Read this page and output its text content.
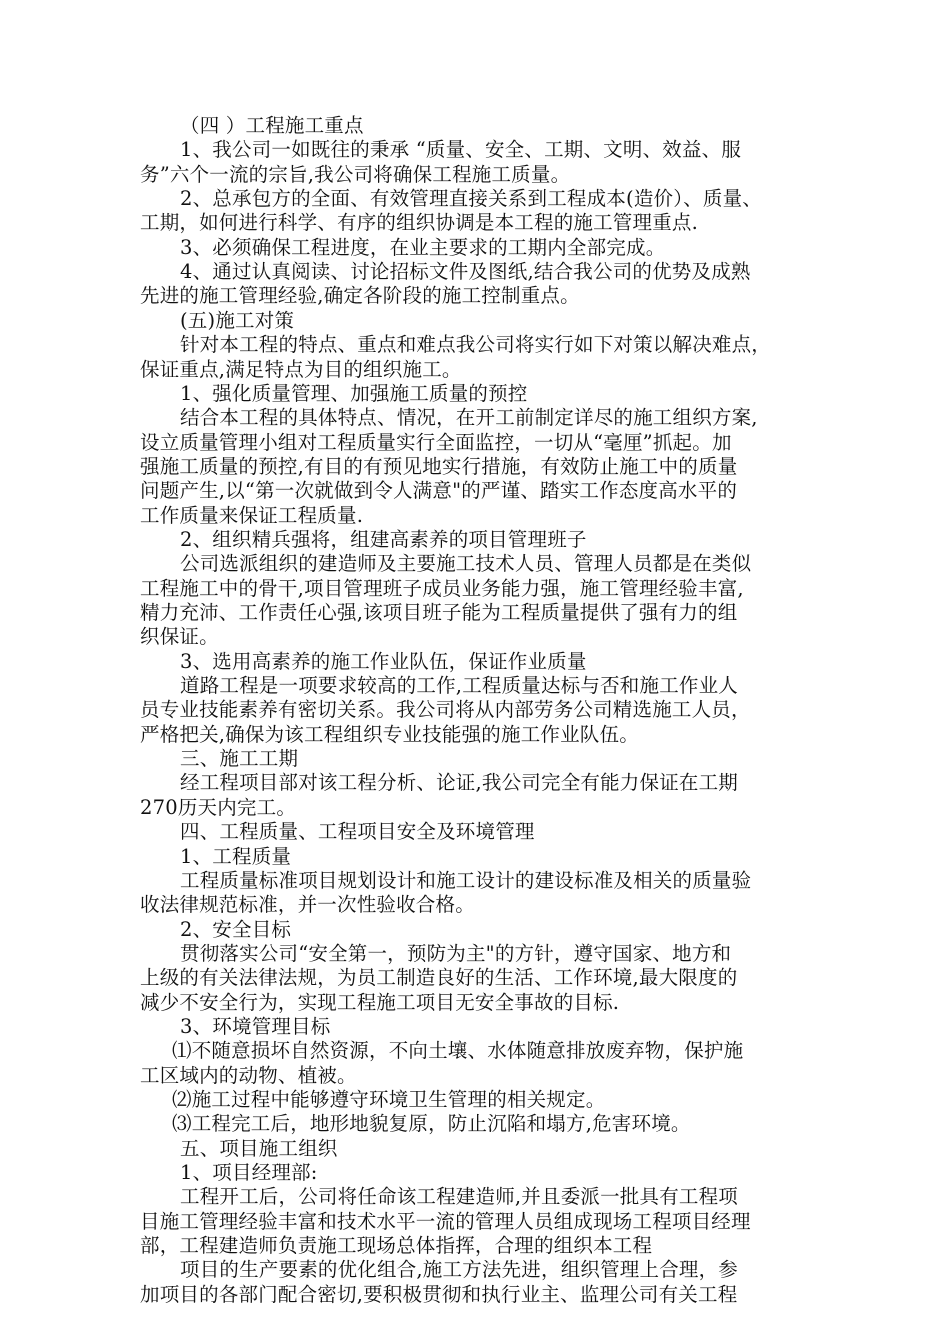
（四 ）工程施工重点
1、我公司一如既往的秉承 “质量、安全、工期、文明、效益、服
务”六个一流的宗旨,我公司将确保工程施工质量。
2、总承包方的全面、有效管理直接关系到工程成本(造价）、质量、
工期，如何进行科学、有序的组织协调是本工程的施工管理重点.
3、必须确保工程进度，在业主要求的工期内全部完成。
4、通过认真阅读、讨论招标文件及图纸,结合我公司的优势及成熟
先进的施工管理经验,确定各阶段的施工控制重点。
(五)施工对策
针对本工程的特点、重点和难点我公司将实行如下对策以解决难点，
保证重点,满足特点为目的组织施工。
1、强化质量管理、加强施工质量的预控
结合本工程的具体特点、情况，在开工前制定详尽的施工组织方案,
设立质量管理小组对工程质量实行全面监控，一切从“毫厘”抓起。加
强施工质量的预控,有目的有预见地实行措施，有效防止施工中的质量
问题产生,以“第一次就做到令人满意"的严谨、踏实工作态度高水平的
工作质量来保证工程质量.
2、组织精兵强将，组建高素养的项目管理班子
公司选派组织的建造师及主要施工技术人员、管理人员都是在类似
工程施工中的骨干,项目管理班子成员业务能力强，施工管理经验丰富,
精力充沛、工作责任心强,该项目班子能为工程质量提供了强有力的组
织保证。
3、选用高素养的施工作业队伍，保证作业质量
道路工程是一项要求较高的工作,工程质量达标与否和施工作业人
员专业技能素养有密切关系。我公司将从内部劳务公司精选施工人员，
严格把关,确保为该工程组织专业技能强的施工作业队伍。
三、施工工期
经工程项目部对该工程分析、论证,我公司完全有能力保证在工期
270历天内完工。
四、工程质量、工程项目安全及环境管理
1、工程质量
工程质量标准项目规划设计和施工设计的建设标准及相关的质量验
收法律规范标准，并一次性验收合格。
2、安全目标
贯彻落实公司“安全第一，预防为主"的方针，遵守国家、地方和
上级的有关法律法规，为员工制造良好的生活、工作环境,最大限度的
减少不安全行为，实现工程施工项目无安全事故的目标.
3、环境管理目标
⑴不随意损坏自然资源，不向土壤、水体随意排放废弃物，保护施
工区域内的动物、植被。
⑵施工过程中能够遵守环境卫生管理的相关规定。
⑶工程完工后，地形地貌复原，防止沉陷和塌方,危害环境。
五、项目施工组织
1、项目经理部:
工程开工后，公司将任命该工程建造师,并且委派一批具有工程项
目施工管理经验丰富和技术水平一流的管理人员组成现场工程项目经理
部，工程建造师负责施工现场总体指挥，合理的组织本工程
项目的生产要素的优化组合,施工方法先进，组织管理上合理，参
加项目的各部门配合密切,要积极贯彻和执行业主、监理公司有关工程
